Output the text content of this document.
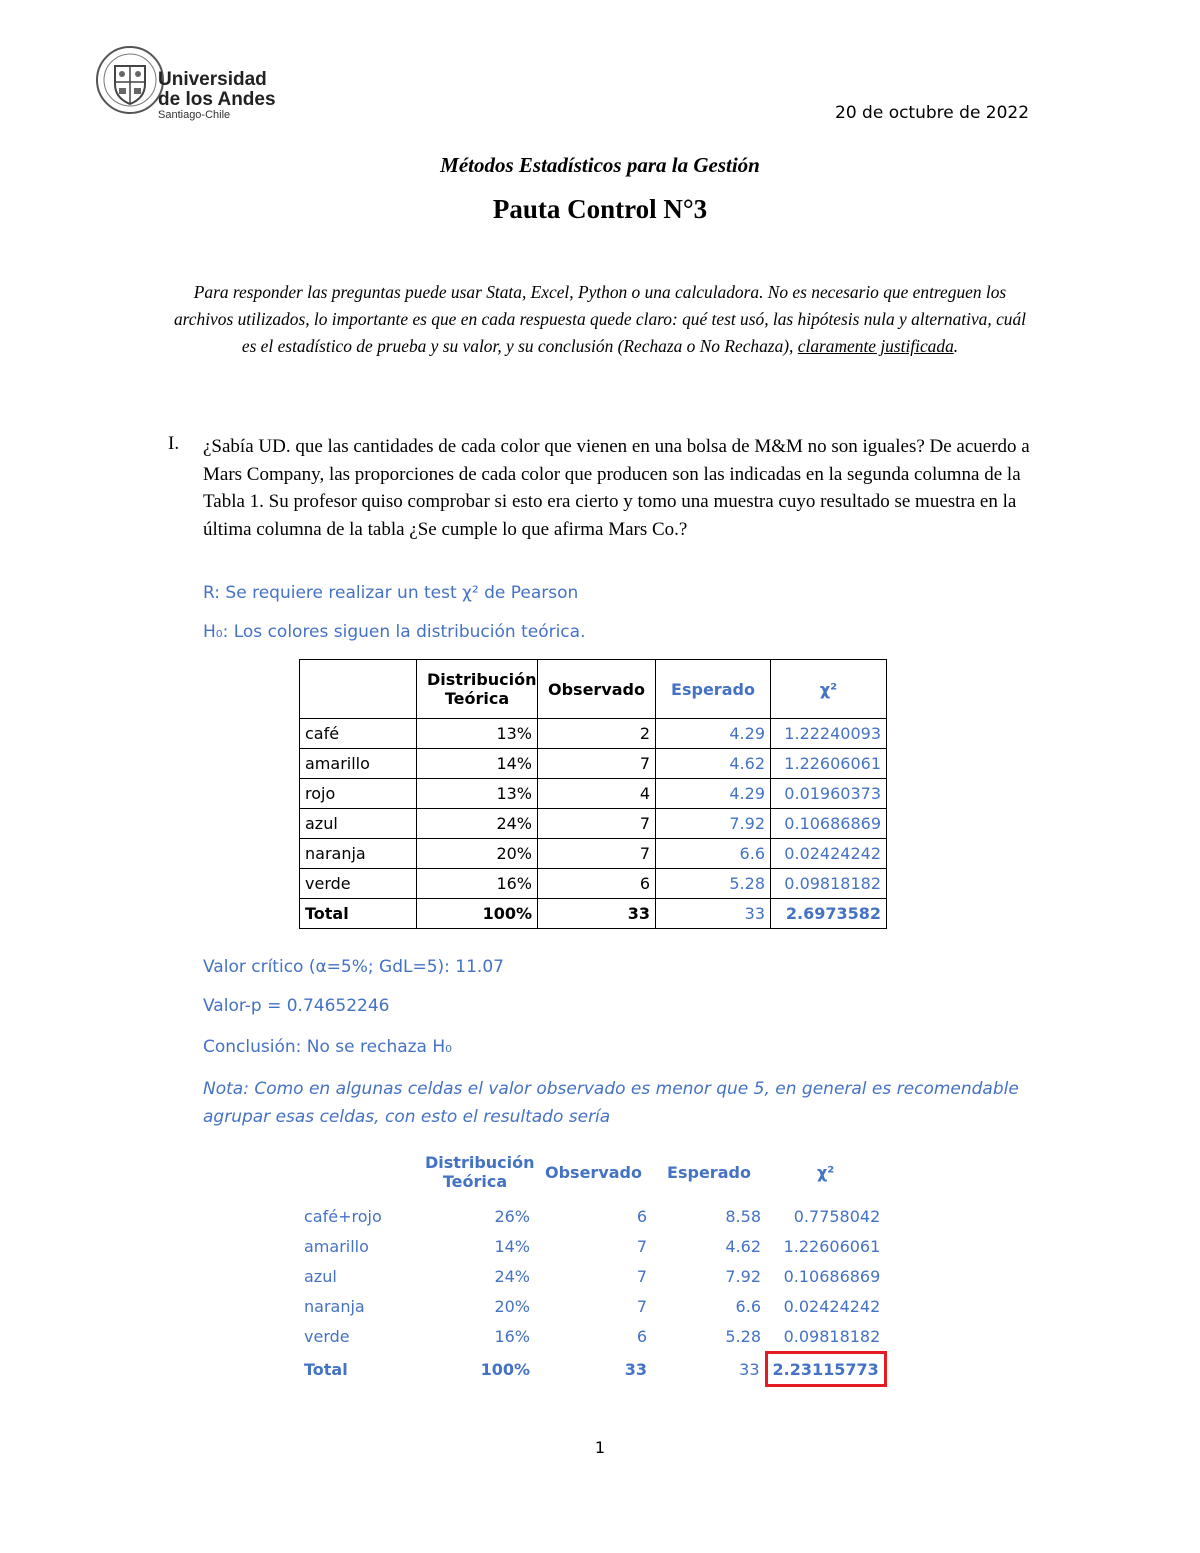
Universidad
de los Andes
Santiago-Chile	20 de octubre de 2022
Métodos Estadísticos para la Gestión
Pauta Control N°3
Para responder las preguntas puede usar Stata, Excel, Python o una calculadora. No es necesario que entreguen los archivos utilizados, lo importante es que en cada respuesta quede claro: qué test usó, las hipótesis nula y alternativa, cuál es el estadístico de prueba y su valor, y su conclusión (Rechaza o No Rechaza), claramente justificada.
I. ¿Sabía UD. que las cantidades de cada color que vienen en una bolsa de M&M no son iguales? De acuerdo a Mars Company, las proporciones de cada color que producen son las indicadas en la segunda columna de la Tabla 1. Su profesor quiso comprobar si esto era cierto y tomo una muestra cuyo resultado se muestra en la última columna de la tabla ¿Se cumple lo que afirma Mars Co.?
R: Se requiere realizar un test χ² de Pearson
H₀: Los colores siguen la distribución teórica.

	Distribución Teórica	Observado	Esperado	χ²
café	13%	2	4.29	1.22240093
amarillo	14%	7	4.62	1.22606061
rojo	13%	4	4.29	0.01960373
azul	24%	7	7.92	0.10686869
naranja	20%	7	6.6	0.02424242
verde	16%	6	5.28	0.09818182
Total	100%	33	33	2.6973582
Valor crítico (α=5%; GdL=5): 11.07
Valor-p = 0.74652246
Conclusión: No se rechaza H₀
Nota: Como en algunas celdas el valor observado es menor que 5, en general es recomendable agrupar esas celdas, con esto el resultado sería

	Distribución Teórica	Observado	Esperado	χ²
café+rojo	26%	6	8.58	0.7758042
amarillo	14%	7	4.62	1.22606061
azul	24%	7	7.92	0.10686869
naranja	20%	7	6.6	0.02424242
verde	16%	6	5.28	0.09818182
Total	100%	33	33	2.23115773
1
